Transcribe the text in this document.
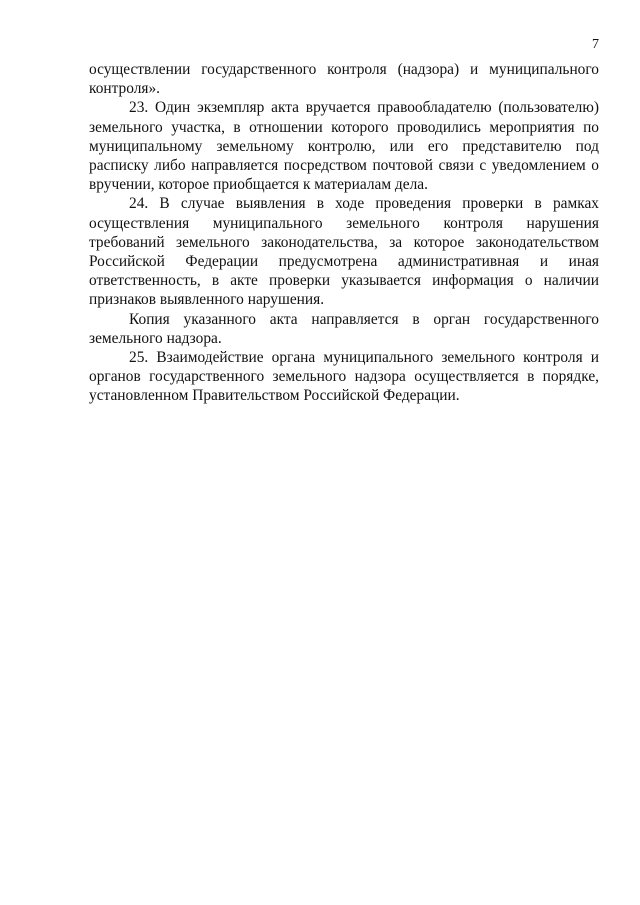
7

осуществлении государственного контроля (надзора) и муниципального контроля».

23. Один экземпляр акта вручается правообладателю (пользователю) земельного участка, в отношении которого проводились мероприятия по муниципальному земельному контролю, или его представителю под расписку либо направляется посредством почтовой связи с уведомлением о вручении, которое приобщается к материалам дела.

24. В случае выявления в ходе проведения проверки в рамках осуществления муниципального земельного контроля нарушения требований земельного законодательства, за которое законодательством Российской Федерации предусмотрена административная и иная ответственность, в акте проверки указывается информация о наличии признаков выявленного нарушения.

Копия указанного акта направляется в орган государственного земельного надзора.

25. Взаимодействие органа муниципального земельного контроля и органов государственного земельного надзора осуществляется в порядке, установленном Правительством Российской Федерации.
